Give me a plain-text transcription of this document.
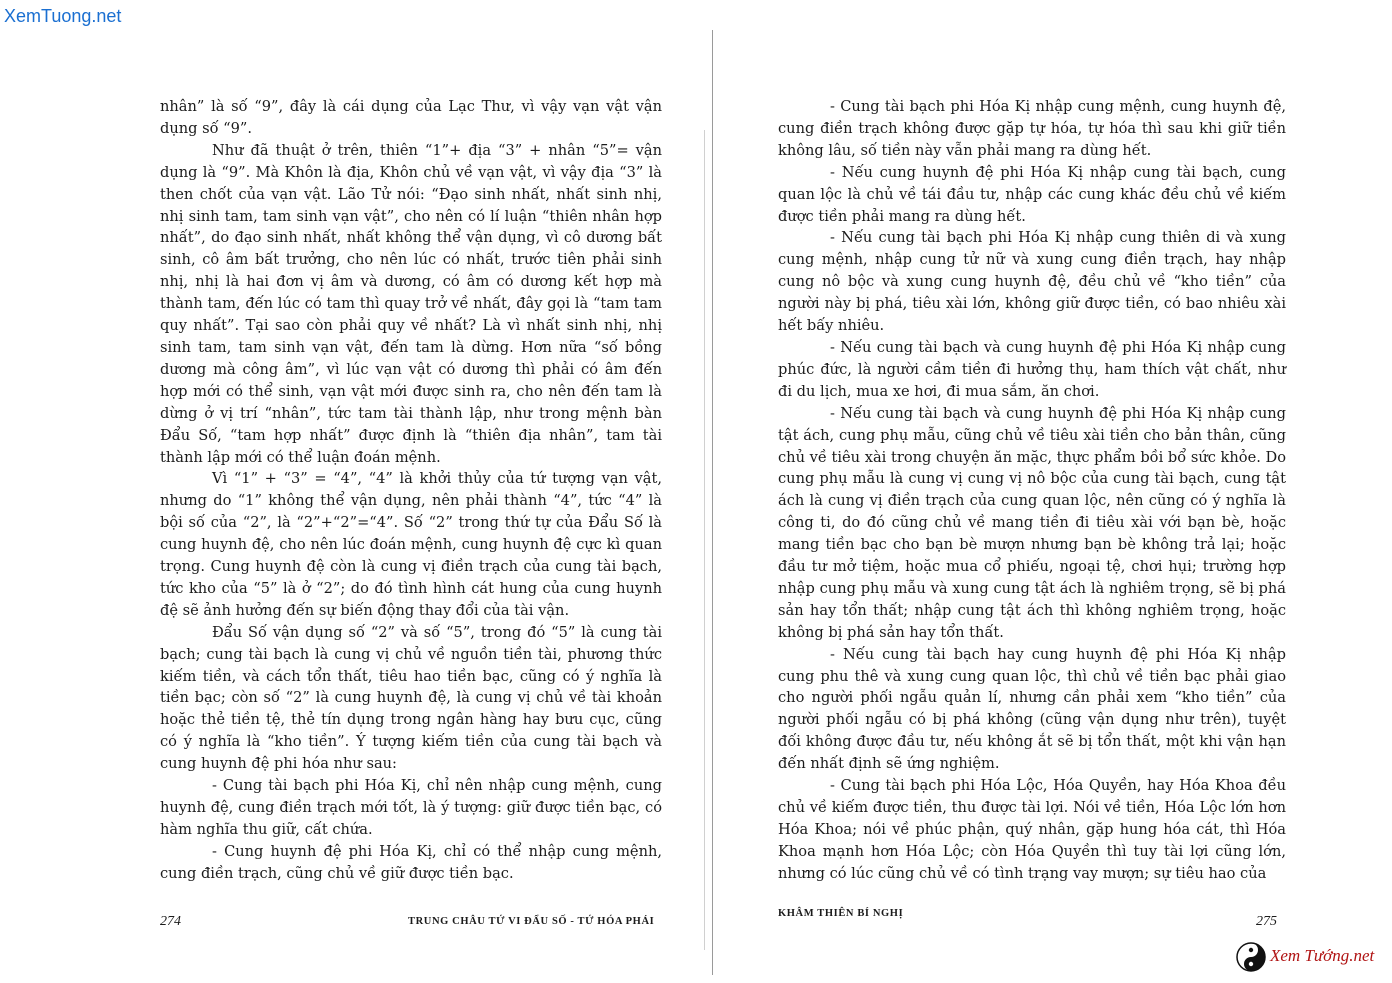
XemTuong.net

nhân” là số “9”, đây là cái dụng của Lạc Thư, vì vậy vạn vật vận dụng số “9”.

Như đã thuật ở trên, thiên “1”+ địa “3” + nhân “5”= vận dụng là “9”. Mà Khôn là địa, Khôn chủ về vạn vật, vì vậy địa “3” là then chốt của vạn vật. Lão Tử nói: “Đạo sinh nhất, nhất sinh nhị, nhị sinh tam, tam sinh vạn vật”, cho nên có lí luận “thiên nhân hợp nhất”, do đạo sinh nhất, nhất không thể vận dụng, vì cô dương bất sinh, cô âm bất trưởng, cho nên lúc có nhất, trước tiên phải sinh nhị, nhị là hai đơn vị âm và dương, có âm có dương kết hợp mà thành tam, đến lúc có tam thì quay trở về nhất, đây gọi là “tam tam quy nhất”. Tại sao còn phải quy về nhất? Là vì nhất sinh nhị, nhị sinh tam, tam sinh vạn vật, đến tam là dừng. Hơn nữa “số bồng dương mà công âm”, vì lúc vạn vật có dương thì phải có âm đến hợp mới có thể sinh, vạn vật mới được sinh ra, cho nên đến tam là dừng ở vị trí “nhân”, tức tam tài thành lập, như trong mệnh bàn Đẩu Số, “tam hợp nhất” được định là “thiên địa nhân”, tam tài thành lập mới có thể luận đoán mệnh.

Vì “1” + “3” = “4”, “4” là khởi thủy của tứ tượng vạn vật, nhưng do “1” không thể vận dụng, nên phải thành “4”, tức “4” là bội số của “2”, là “2”+“2”=“4”. Số “2” trong thứ tự của Đẩu Số là cung huynh đệ, cho nên lúc đoán mệnh, cung huynh đệ cực kì quan trọng. Cung huynh đệ còn là cung vị điền trạch của cung tài bạch, tức kho của “5” là ở “2”; do đó tình hình cát hung của cung huynh đệ sẽ ảnh hưởng đến sự biến động thay đổi của tài vận.

Đẩu Số vận dụng số “2” và số “5”, trong đó “5” là cung tài bạch; cung tài bạch là cung vị chủ về nguồn tiền tài, phương thức kiếm tiền, và cách tổn thất, tiêu hao tiền bạc, cũng có ý nghĩa là tiền bạc; còn số “2” là cung huynh đệ, là cung vị chủ về tài khoản hoặc thẻ tiền tệ, thẻ tín dụng trong ngân hàng hay bưu cục, cũng có ý nghĩa là “kho tiền”. Ý tượng kiếm tiền của cung tài bạch và cung huynh đệ phi hóa như sau:

- Cung tài bạch phi Hóa Kị, chỉ nên nhập cung mệnh, cung huynh đệ, cung điền trạch mới tốt, là ý tượng: giữ được tiền bạc, có hàm nghĩa thu giữ, cất chứa.

- Cung huynh đệ phi Hóa Kị, chỉ có thể nhập cung mệnh, cung điền trạch, cũng chủ về giữ được tiền bạc.

- Cung tài bạch phi Hóa Kị nhập cung mệnh, cung huynh đệ, cung điền trạch không được gặp tự hóa, tự hóa thì sau khi giữ tiền không lâu, số tiền này vẫn phải mang ra dùng hết.

- Nếu cung huynh đệ phi Hóa Kị nhập cung tài bạch, cung quan lộc là chủ về tái đầu tư, nhập các cung khác đều chủ về kiếm được tiền phải mang ra dùng hết.

- Nếu cung tài bạch phi Hóa Kị nhập cung thiên di và xung cung mệnh, nhập cung tử nữ và xung cung điền trạch, hay nhập cung nô bộc và xung cung huynh đệ, đều chủ về “kho tiền” của người này bị phá, tiêu xài lớn, không giữ được tiền, có bao nhiêu xài hết bấy nhiêu.

- Nếu cung tài bạch và cung huynh đệ phi Hóa Kị nhập cung phúc đức, là người cầm tiền đi hưởng thụ, ham thích vật chất, như đi du lịch, mua xe hơi, đi mua sắm, ăn chơi.

- Nếu cung tài bạch và cung huynh đệ phi Hóa Kị nhập cung tật ách, cung phụ mẫu, cũng chủ về tiêu xài tiền cho bản thân, cũng chủ về tiêu xài trong chuyện ăn mặc, thực phẩm bồi bổ sức khỏe. Do cung phụ mẫu là cung vị cung vị nô bộc của cung tài bạch, cung tật ách là cung vị điền trạch của cung quan lộc, nên cũng có ý nghĩa là công ti, do đó cũng chủ về mang tiền đi tiêu xài với bạn bè, hoặc mang tiền bạc cho bạn bè mượn nhưng bạn bè không trả lại; hoặc đầu tư mở tiệm, hoặc mua cổ phiếu, ngoại tệ, chơi hụi; trường hợp nhập cung phụ mẫu và xung cung tật ách là nghiêm trọng, sẽ bị phá sản hay tổn thất; nhập cung tật ách thì không nghiêm trọng, hoặc không bị phá sản hay tổn thất.

- Nếu cung tài bạch hay cung huynh đệ phi Hóa Kị nhập cung phu thê và xung cung quan lộc, thì chủ về tiền bạc phải giao cho người phối ngẫu quản lí, nhưng cần phải xem “kho tiền” của người phối ngẫu có bị phá không (cũng vận dụng như trên), tuyệt đối không được đầu tư, nếu không ắt sẽ bị tổn thất, một khi vận hạn đến nhất định sẽ ứng nghiệm.

- Cung tài bạch phi Hóa Lộc, Hóa Quyền, hay Hóa Khoa đều chủ về kiếm được tiền, thu được tài lợi. Nói về tiền, Hóa Lộc lớn hơn Hóa Khoa; nói về phúc phận, quý nhân, gặp hung hóa cát, thì Hóa Khoa mạnh hơn Hóa Lộc; còn Hóa Quyền thì tuy tài lợi cũng lớn, nhưng có lúc cũng chủ về có tình trạng vay mượn; sự tiêu hao của

274	TRUNG CHÂU TỨ VI ĐẨU SỐ - TỨ HÓA PHÁI
KHÂM THIÊN BÍ NGHỊ
275
Xem Tướng.net
